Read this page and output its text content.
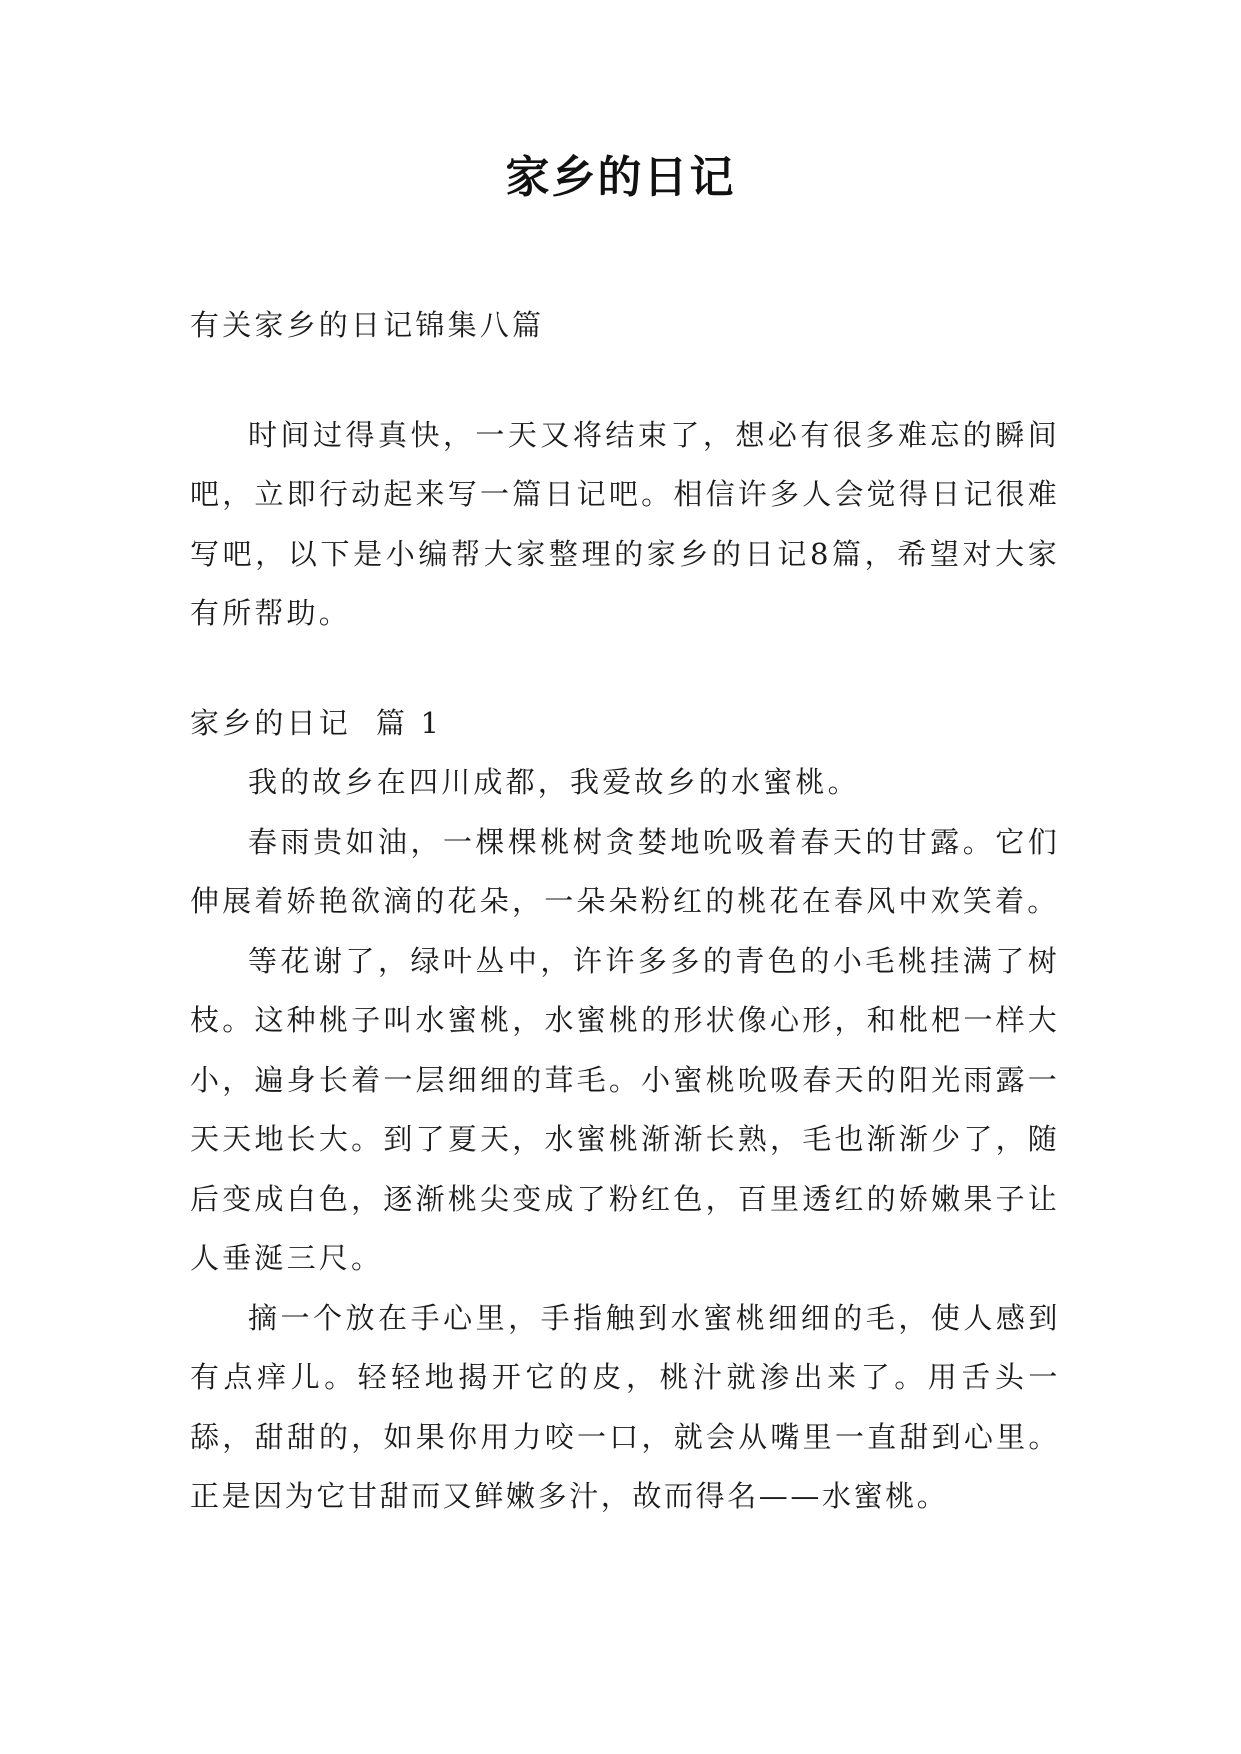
家乡的日记

有关家乡的日记锦集八篇

时间过得真快，一天又将结束了，想必有很多难忘的瞬间吧，立即行动起来写一篇日记吧。相信许多人会觉得日记很难写吧，以下是小编帮大家整理的家乡的日记8篇，希望对大家有所帮助。

家乡的日记  篇 1

我的故乡在四川成都，我爱故乡的水蜜桃。

春雨贵如油，一棵棵桃树贪婪地吮吸着春天的甘露。它们伸展着娇艳欲滴的花朵，一朵朵粉红的桃花在春风中欢笑着。

等花谢了，绿叶丛中，许许多多的青色的小毛桃挂满了树枝。这种桃子叫水蜜桃，水蜜桃的形状像心形，和枇杷一样大小，遍身长着一层细细的茸毛。小蜜桃吮吸春天的阳光雨露一天天地长大。到了夏天，水蜜桃渐渐长熟，毛也渐渐少了，随后变成白色，逐渐桃尖变成了粉红色，百里透红的娇嫩果子让人垂涎三尺。

摘一个放在手心里，手指触到水蜜桃细细的毛，使人感到有点痒儿。轻轻地揭开它的皮，桃汁就渗出来了。用舌头一舔，甜甜的，如果你用力咬一口，就会从嘴里一直甜到心里。正是因为它甘甜而又鲜嫩多汁，故而得名——水蜜桃。
